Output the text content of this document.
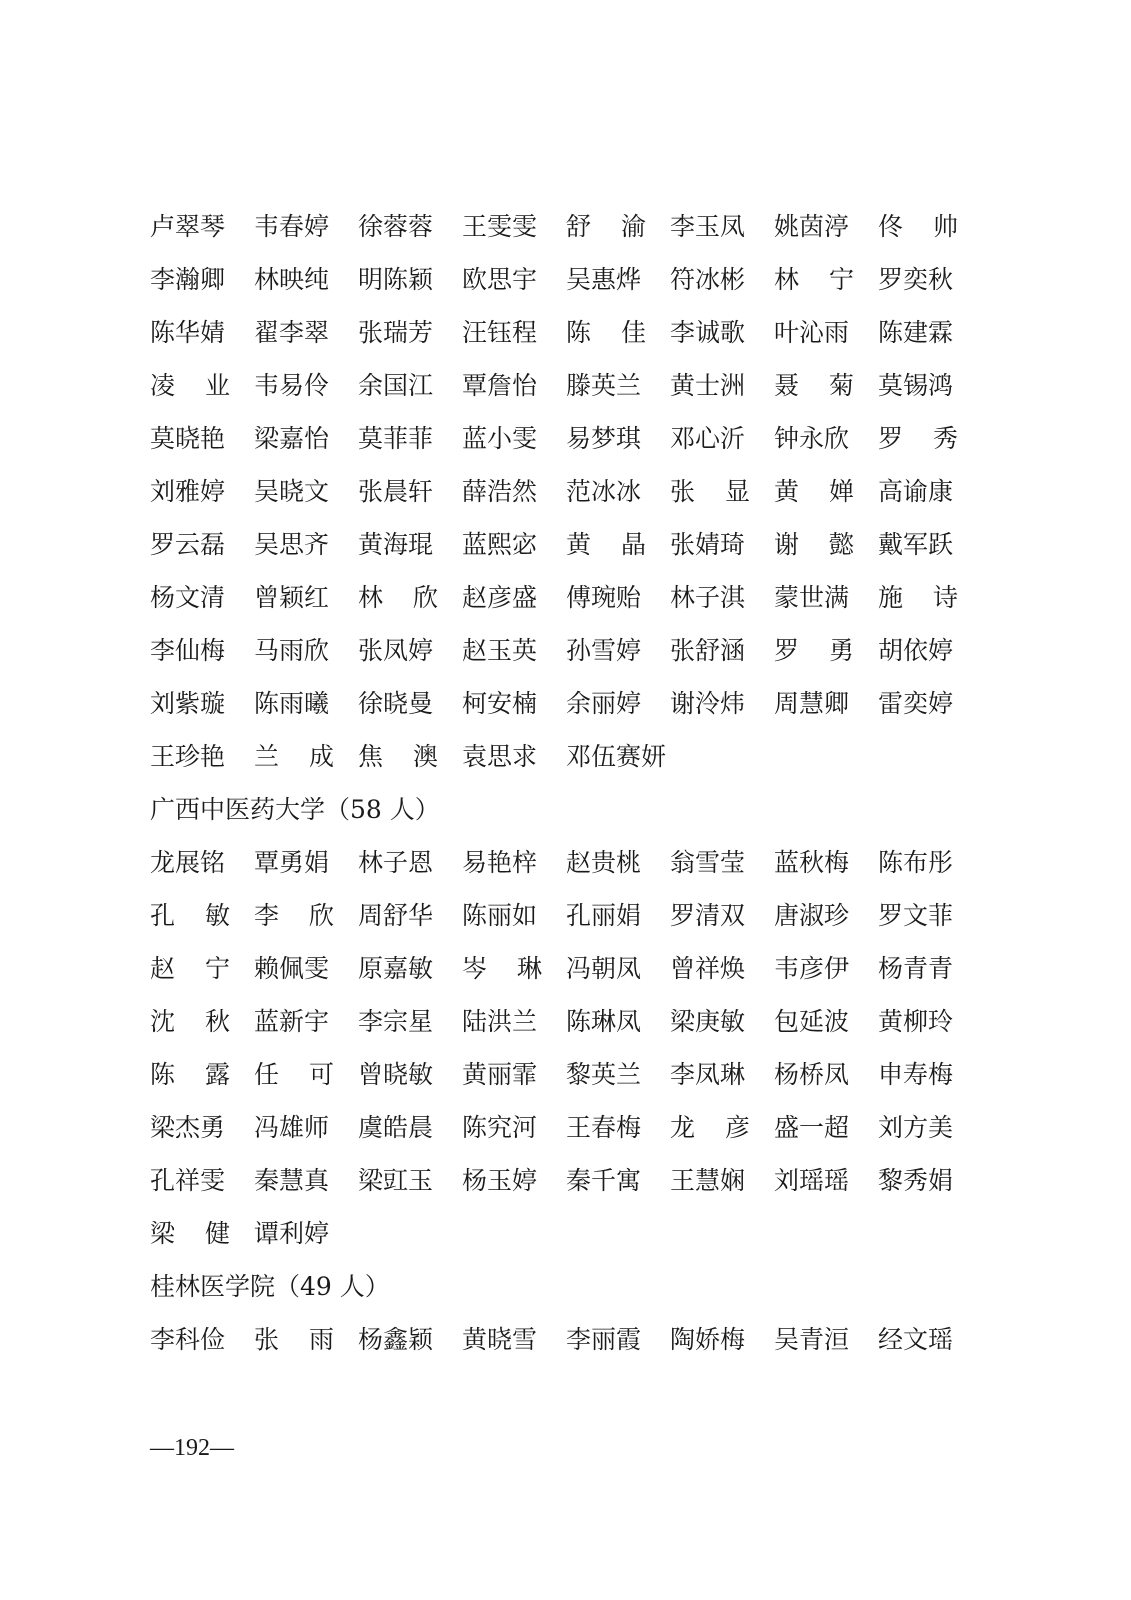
卢翠琴 韦春婷 徐蓉蓉 王雯雯 舒 渝 李玉凤 姚茵渟 佟 帅
李瀚卿 林映纯 明陈颖 欧思宇 吴惠烨 符冰彬 林 宁 罗奕秋
陈华婧 翟李翠 张瑞芳 汪钰程 陈 佳 李诚歌 叶沁雨 陈建霖
凌 业 韦易伶 余国江 覃詹怡 滕英兰 黄士洲 聂 菊 莫锡鸿
莫晓艳 梁嘉怡 莫菲菲 蓝小雯 易梦琪 邓心沂 钟永欣 罗 秀
刘雅婷 吴晓文 张晨轩 薛浩然 范冰冰 张 显 黄 婵 高谕康
罗云磊 吴思齐 黄海琨 蓝熙宓 黄 晶 张婧琦 谢 懿 戴军跃
杨文清 曾颖红 林 欣 赵彦盛 傅琬贻 林子淇 蒙世满 施 诗
李仙梅 马雨欣 张凤婷 赵玉英 孙雪婷 张舒涵 罗 勇 胡依婷
刘紫璇 陈雨曦 徐晓曼 柯安楠 余丽婷 谢泠炜 周慧卿 雷奕婷
王珍艳 兰 成 焦 澳 袁思求 邓伍赛妍
广西中医药大学（58 人）
龙展铭 覃勇娟 林子恩 易艳梓 赵贵桃 翁雪莹 蓝秋梅 陈布彤
孔 敏 李 欣 周舒华 陈丽如 孔丽娟 罗清双 唐淑珍 罗文菲
赵 宁 赖佩雯 原嘉敏 岑 琳 冯朝凤 曾祥焕 韦彦伊 杨青青
沈 秋 蓝新宇 李宗星 陆洪兰 陈琳凤 梁庚敏 包延波 黄柳玲
陈 露 任 可 曾晓敏 黄丽霏 黎英兰 李凤琳 杨桥凤 申寿梅
梁杰勇 冯雄师 虞皓晨 陈究河 王春梅 龙 彦 盛一超 刘方美
孔祥雯 秦慧真 梁豇玉 杨玉婷 秦千寓 王慧娴 刘瑶瑶 黎秀娟
梁 健 谭利婷
桂林医学院（49 人）
李科俭 张 雨 杨鑫颖 黄晓雪 李丽霞 陶娇梅 吴青洹 经文瑶
—192—
